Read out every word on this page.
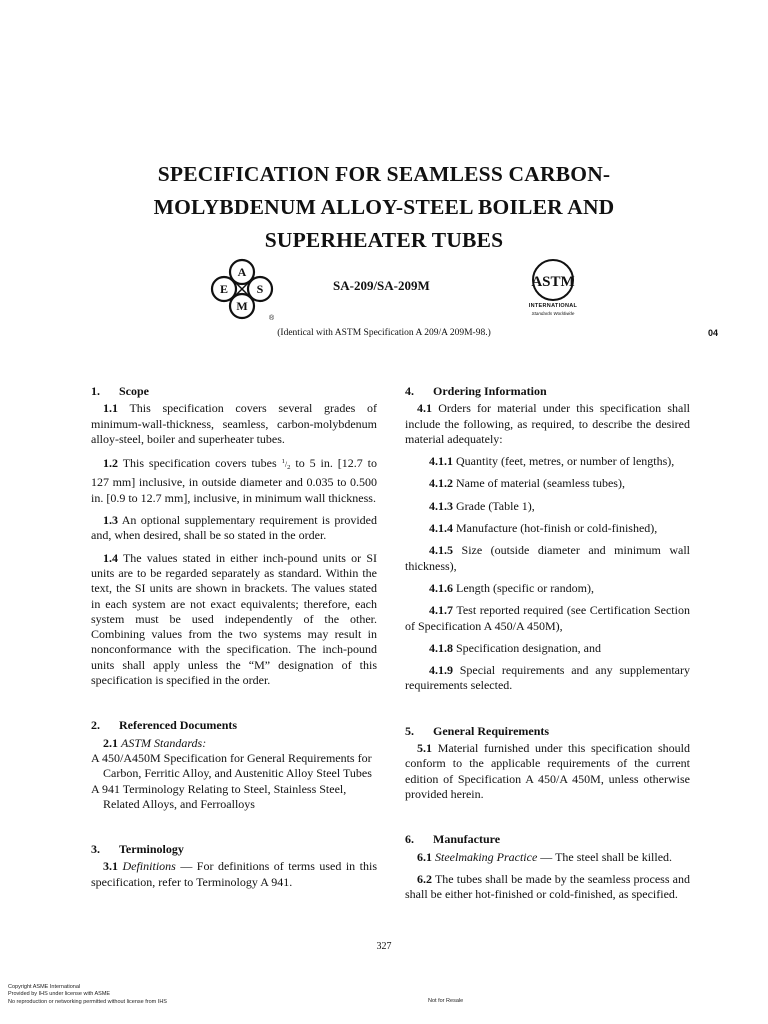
SPECIFICATION FOR SEAMLESS CARBON-
MOLYBDENUM ALLOY-STEEL BOILER AND
SUPERHEATER TUBES
A
E S
M
®
SA-209/SA-209M	ASTM
INTERNATIONAL
Standards Worldwide
(Identical with ASTM Specification A 209/A 209M-98.)	04
1. Scope

1.1 This specification covers several grades of minimum-wall-thickness, seamless, carbon-molybdenum alloy-steel, boiler and superheater tubes.

1.2 This specification covers tubes $^1/_2$ to 5 in. [12.7 to 127 mm] inclusive, in outside diameter and 0.035 to 0.500 in. [0.9 to 12.7 mm], inclusive, in minimum wall thickness.

1.3 An optional supplementary requirement is provided and, when desired, shall be so stated in the order.

1.4 The values stated in either inch-pound units or SI units are to be regarded separately as standard. Within the text, the SI units are shown in brackets. The values stated in each system are not exact equivalents; therefore, each system must be used independently of the other. Combining values from the two systems may result in nonconformance with the specification. The inch-pound units shall apply unless the “M” designation of this specification is specified in the order.

2. Referenced Documents

2.1 ASTM Standards:

A 450/A450M Specification for General Requirements for Carbon, Ferritic Alloy, and Austenitic Alloy Steel Tubes

A 941 Terminology Relating to Steel, Stainless Steel, Related Alloys, and Ferroalloys

3. Terminology

3.1 Definitions — For definitions of terms used in this specification, refer to Terminology A 941.

4. Ordering Information

4.1 Orders for material under this specification shall include the following, as required, to describe the desired material adequately:

4.1.1 Quantity (feet, metres, or number of lengths),

4.1.2 Name of material (seamless tubes),

4.1.3 Grade (Table 1),

4.1.4 Manufacture (hot-finish or cold-finished),

4.1.5 Size (outside diameter and minimum wall thickness),

4.1.6 Length (specific or random),

4.1.7 Test reported required (see Certification Section of Specification A 450/A 450M),

4.1.8 Specification designation, and

4.1.9 Special requirements and any supplementary requirements selected.

5. General Requirements

5.1 Material furnished under this specification should conform to the applicable requirements of the current edition of Specification A 450/A 450M, unless otherwise provided herein.

6. Manufacture

6.1 Steelmaking Practice — The steel shall be killed.

6.2 The tubes shall be made by the seamless process and shall be either hot-finished or cold-finished, as specified.

327
Copyright ASME International
Provided by IHS under license with ASME
No reproduction or networking permitted without license from IHS	Not for Resale
